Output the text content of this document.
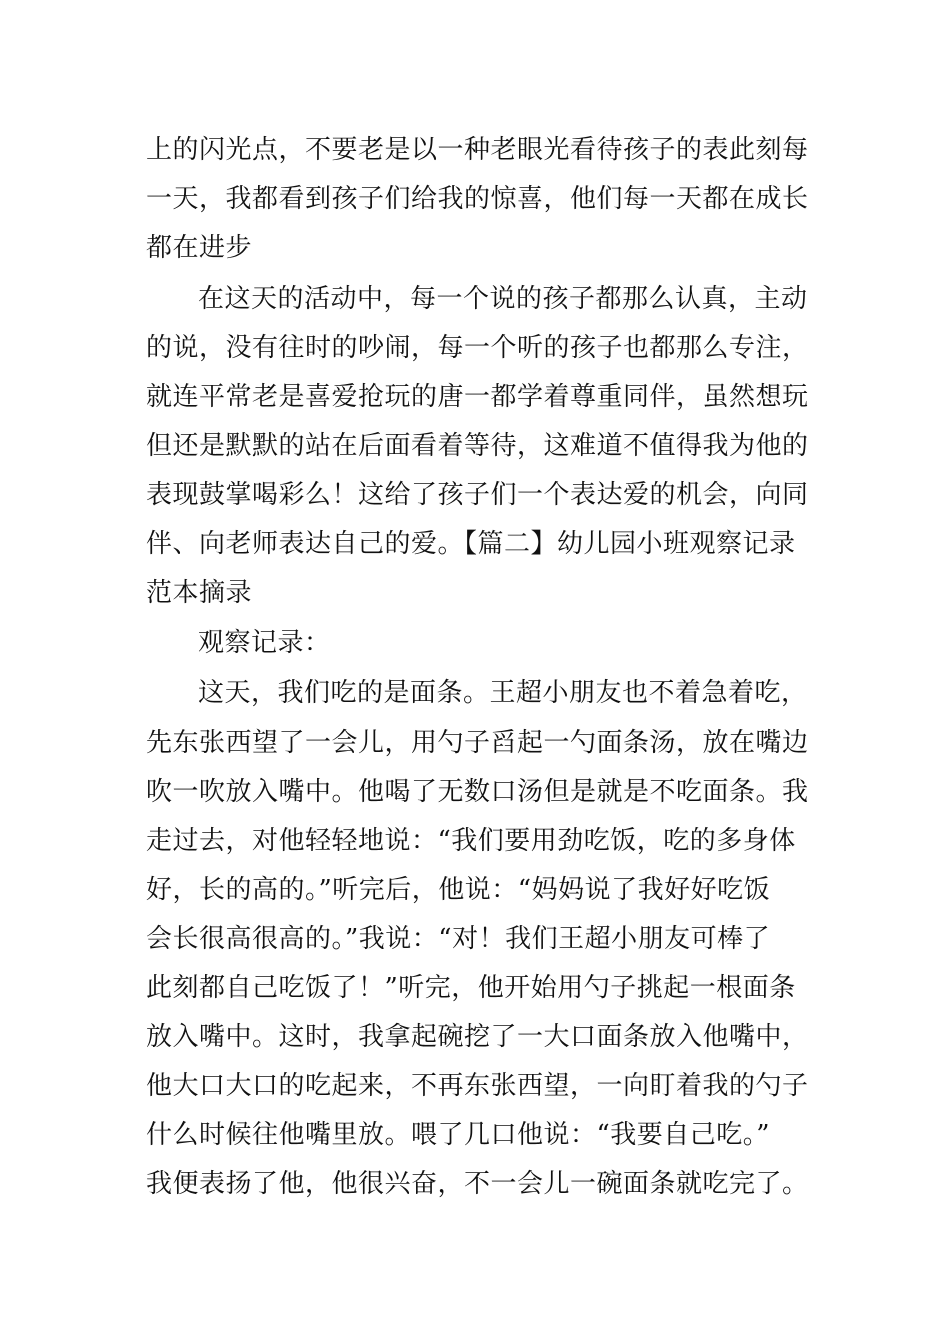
上的闪光点，不要老是以一种老眼光看待孩子的表此刻每
一天，我都看到孩子们给我的惊喜，他们每一天都在成长
都在进步
在这天的活动中，每一个说的孩子都那么认真，主动
的说，没有往时的吵闹，每一个听的孩子也都那么专注，
就连平常老是喜爱抢玩的唐一都学着尊重同伴，虽然想玩
但还是默默的站在后面看着等待，这难道不值得我为他的
表现鼓掌喝彩么！这给了孩子们一个表达爱的机会，向同
伴、向老师表达自己的爱。【篇二】幼儿园小班观察记录
范本摘录
观察记录：
这天，我们吃的是面条。王超小朋友也不着急着吃，
先东张西望了一会儿，用勺子舀起一勺面条汤，放在嘴边
吹一吹放入嘴中。他喝了无数口汤但是就是不吃面条。我
走过去，对他轻轻地说：“我们要用劲吃饭，吃的多身体
好，长的高的。”听完后，他说：“妈妈说了我好好吃饭
会长很高很高的。”我说：“对！我们王超小朋友可棒了
此刻都自己吃饭了！”听完，他开始用勺子挑起一根面条
放入嘴中。这时，我拿起碗挖了一大口面条放入他嘴中，
他大口大口的吃起来，不再东张西望，一向盯着我的勺子
什么时候往他嘴里放。喂了几口他说：“我要自己吃。”
我便表扬了他，他很兴奋，不一会儿一碗面条就吃完了。
